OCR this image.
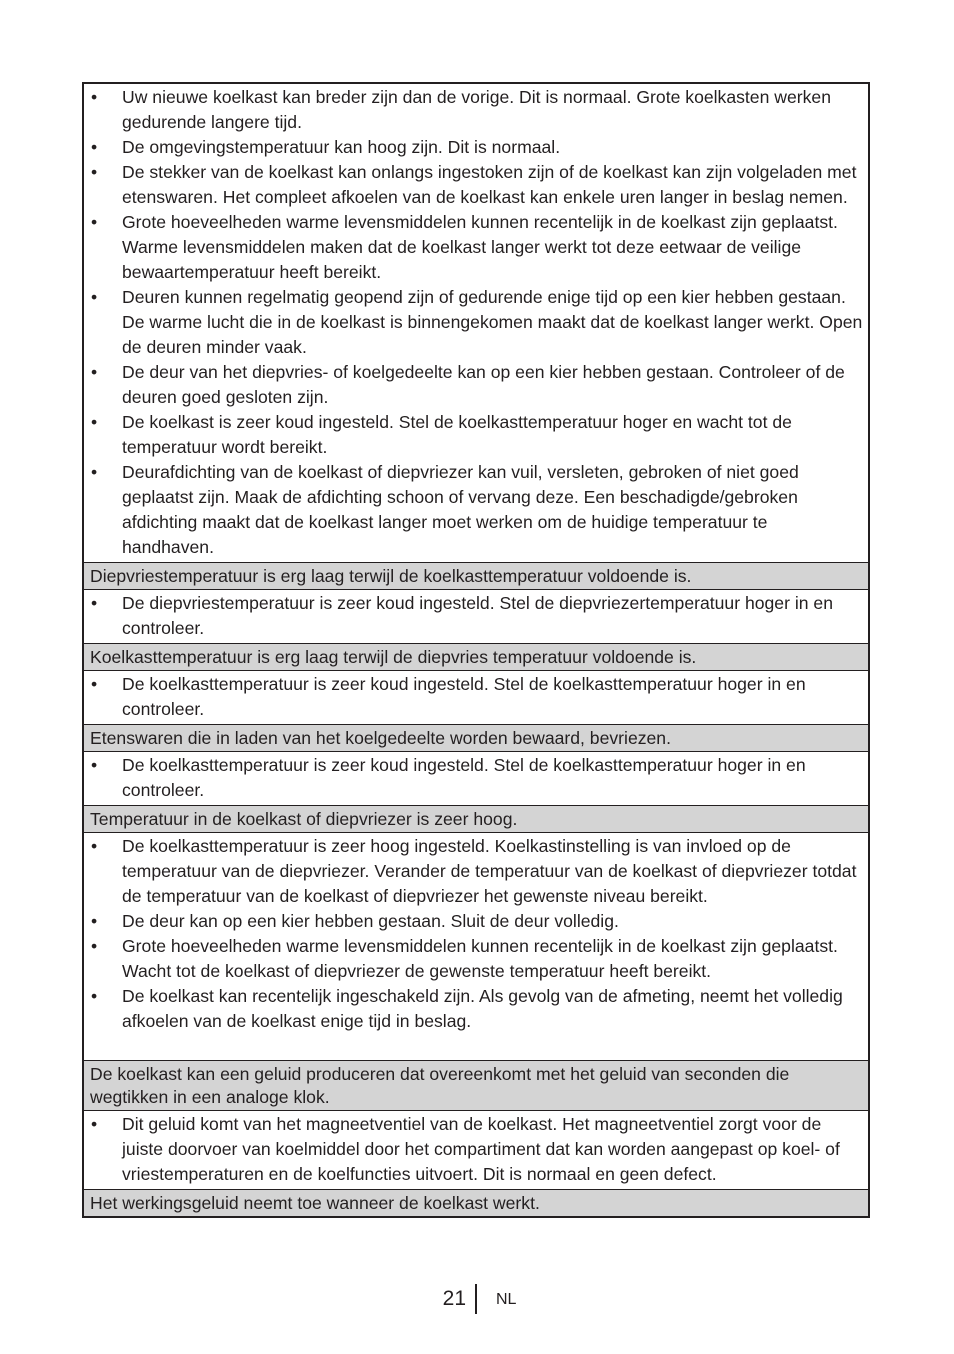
• Uw nieuwe koelkast kan breder zijn dan de vorige. Dit is normaal. Grote koelkasten werken gedurende langere tijd.
• De omgevingstemperatuur kan hoog zijn. Dit is normaal.
• De stekker van de koelkast kan onlangs ingestoken zijn of de koelkast kan zijn volgeladen met etenswaren. Het compleet afkoelen van de koelkast kan enkele uren langer in beslag nemen.
• Grote hoeveelheden warme levensmiddelen kunnen recentelijk in de koelkast zijn geplaatst. Warme levensmiddelen maken dat de koelkast langer werkt tot deze eetwaar de veilige bewaartemperatuur heeft bereikt.
• Deuren kunnen regelmatig geopend zijn of gedurende enige tijd op een kier hebben gestaan. De warme lucht die in de koelkast is binnengekomen maakt dat de koelkast langer werkt. Open de deuren minder vaak.
• De deur van het diepvries- of koelgedeelte kan op een kier hebben gestaan. Controleer of de deuren goed gesloten zijn.
• De koelkast is zeer koud ingesteld. Stel de koelkasttemperatuur hoger en wacht tot de temperatuur wordt bereikt.
• Deurafdichting van de koelkast of diepvriezer kan vuil, versleten, gebroken of niet goed geplaatst zijn. Maak de afdichting schoon of vervang deze. Een beschadigde/gebroken afdichting maakt dat de koelkast langer moet werken om de huidige temperatuur te handhaven.
Diepvriestemperatuur is erg laag terwijl de koelkasttemperatuur voldoende is.
• De diepvriestemperatuur is zeer koud ingesteld. Stel de diepvriezertemperatuur hoger in en controleer.
Koelkasttemperatuur is erg laag terwijl de diepvries temperatuur voldoende is.
• De koelkasttemperatuur is zeer koud ingesteld. Stel de koelkasttemperatuur hoger in en controleer.
Etenswaren die in laden van het koelgedeelte worden bewaard, bevriezen.
• De koelkasttemperatuur is zeer koud ingesteld. Stel de koelkasttemperatuur hoger in en controleer.
Temperatuur in de koelkast of diepvriezer is zeer hoog.
• De koelkasttemperatuur is zeer hoog ingesteld. Koelkastinstelling is van invloed op de temperatuur van de diepvriezer. Verander de temperatuur van de koelkast of diepvriezer totdat de temperatuur van de koelkast of diepvriezer het gewenste niveau bereikt.
• De deur kan op een kier hebben gestaan. Sluit de deur volledig.
• Grote hoeveelheden warme levensmiddelen kunnen recentelijk in de koelkast zijn geplaatst. Wacht tot de koelkast of diepvriezer de gewenste temperatuur heeft bereikt.
• De koelkast kan recentelijk ingeschakeld zijn. Als gevolg van de afmeting, neemt het volledig afkoelen van de koelkast enige tijd in beslag.
De koelkast kan een geluid produceren dat overeenkomt met het geluid van seconden die wegtikken in een analoge klok.
• Dit geluid komt van het magneetventiel van de koelkast. Het magneetventiel zorgt voor de juiste doorvoer van koelmiddel door het compartiment dat kan worden aangepast op koel- of vriestemperaturen en de koelfuncties uitvoert. Dit is normaal en geen defect.
Het werkingsgeluid neemt toe wanneer de koelkast werkt.
21 NL
